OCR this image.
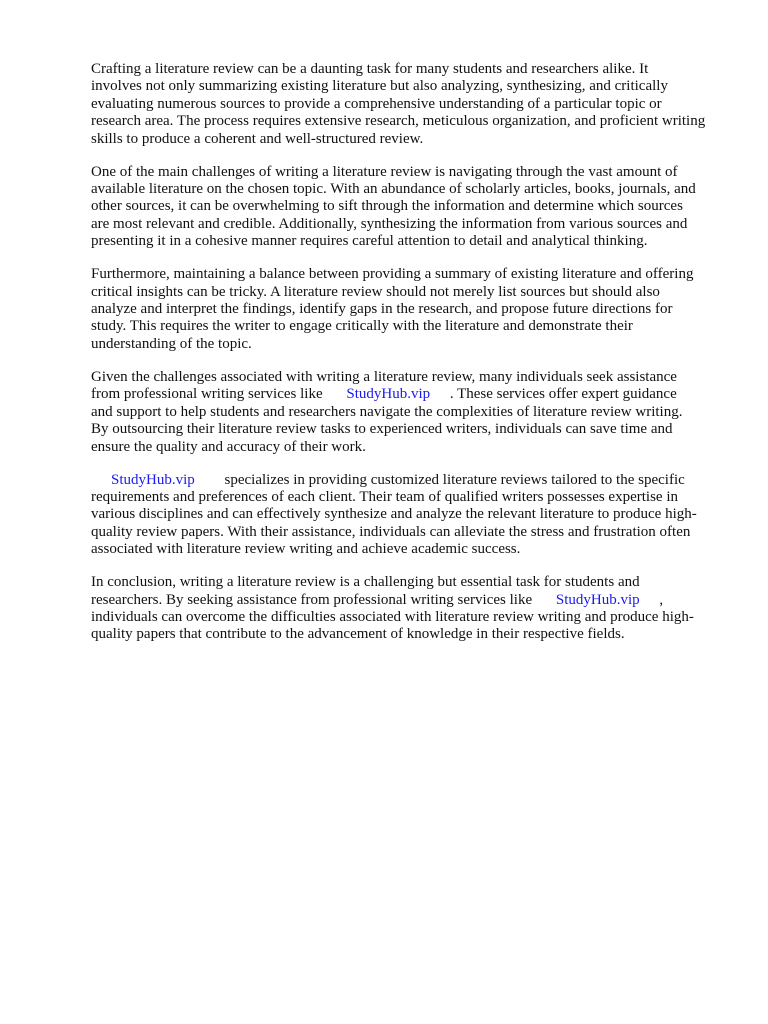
Crafting a literature review can be a daunting task for many students and researchers alike. It
involves not only summarizing existing literature but also analyzing, synthesizing, and critically
evaluating numerous sources to provide a comprehensive understanding of a particular topic or
research area. The process requires extensive research, meticulous organization, and proficient writing
skills to produce a coherent and well-structured review.

One of the main challenges of writing a literature review is navigating through the vast amount of
available literature on the chosen topic. With an abundance of scholarly articles, books, journals, and
other sources, it can be overwhelming to sift through the information and determine which sources
are most relevant and credible. Additionally, synthesizing the information from various sources and
presenting it in a cohesive manner requires careful attention to detail and analytical thinking.

Furthermore, maintaining a balance between providing a summary of existing literature and offering
critical insights can be tricky. A literature review should not merely list sources but should also
analyze and interpret the findings, identify gaps in the research, and propose future directions for
study. This requires the writer to engage critically with the literature and demonstrate their
understanding of the topic.

Given the challenges associated with writing a literature review, many individuals seek assistance
from professional writing services like StudyHub.vip . These services offer expert guidance
and support to help students and researchers navigate the complexities of literature review writing.
By outsourcing their literature review tasks to experienced writers, individuals can save time and
ensure the quality and accuracy of their work.

StudyHub.vip specializes in providing customized literature reviews tailored to the specific
requirements and preferences of each client. Their team of qualified writers possesses expertise in
various disciplines and can effectively synthesize and analyze the relevant literature to produce high-
quality review papers. With their assistance, individuals can alleviate the stress and frustration often
associated with literature review writing and achieve academic success.

In conclusion, writing a literature review is a challenging but essential task for students and
researchers. By seeking assistance from professional writing services like StudyHub.vip ,
individuals can overcome the difficulties associated with literature review writing and produce high-
quality papers that contribute to the advancement of knowledge in their respective fields.
